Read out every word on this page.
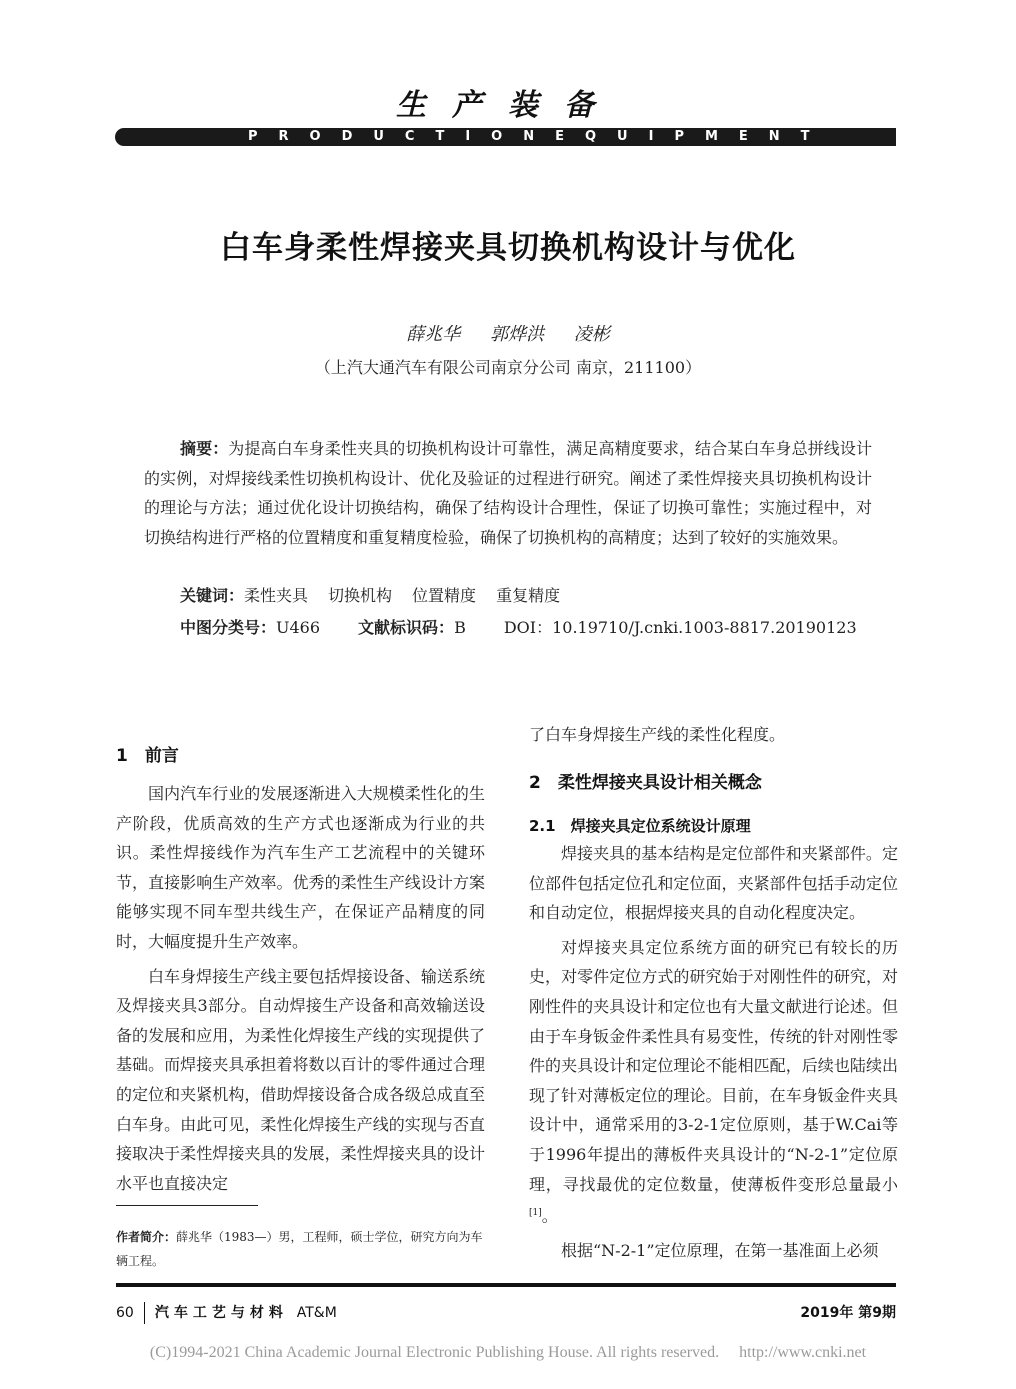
生产装备
PRODUCTION EQUIPMENT
白车身柔性焊接夹具切换机构设计与优化
薛兆华 郭烨洪 凌彬
（上汽大通汽车有限公司南京分公司 南京，211100）
摘要：为提高白车身柔性夹具的切换机构设计可靠性，满足高精度要求，结合某白车身总拼线设计的实例，对焊接线柔性切换机构设计、优化及验证的过程进行研究。阐述了柔性焊接夹具切换机构设计的理论与方法；通过优化设计切换结构，确保了结构设计合理性，保证了切换可靠性；实施过程中，对切换结构进行严格的位置精度和重复精度检验，确保了切换机构的高精度；达到了较好的实施效果。
关键词：柔性夹具 切换机构 位置精度 重复精度
中图分类号：U466 文献标识码：B DOI：10.19710/J.cnki.1003-8817.20190123
1　前言
国内汽车行业的发展逐渐进入大规模柔性化的生产阶段，优质高效的生产方式也逐渐成为行业的共识。柔性焊接线作为汽车生产工艺流程中的关键环节，直接影响生产效率。优秀的柔性生产线设计方案能够实现不同车型共线生产，在保证产品精度的同时，大幅度提升生产效率。
白车身焊接生产线主要包括焊接设备、输送系统及焊接夹具3部分。自动焊接生产设备和高效输送设备的发展和应用，为柔性化焊接生产线的实现提供了基础。而焊接夹具承担着将数以百计的零件通过合理的定位和夹紧机构，借助焊接设备合成各级总成直至白车身。由此可见，柔性化焊接生产线的实现与否直接取决于柔性焊接夹具的发展，柔性焊接夹具的设计水平也直接决定
作者简介：薛兆华（1983—）男，工程师，硕士学位，研究方向为车辆工程。
了白车身焊接生产线的柔性化程度。
2　柔性焊接夹具设计相关概念
2.1　焊接夹具定位系统设计原理
焊接夹具的基本结构是定位部件和夹紧部件。定位部件包括定位孔和定位面，夹紧部件包括手动定位和自动定位，根据焊接夹具的自动化程度决定。
对焊接夹具定位系统方面的研究已有较长的历史，对零件定位方式的研究始于对刚性件的研究，对刚性件的夹具设计和定位也有大量文献进行论述。但由于车身钣金件柔性具有易变性，传统的针对刚性零件的夹具设计和定位理论不能相匹配，后续也陆续出现了针对薄板定位的理论。目前，在车身钣金件夹具设计中，通常采用的3-2-1定位原则，基于W.Cai等于1996年提出的薄板件夹具设计的“N-2-1”定位原理，寻找最优的定位数量，使薄板件变形总量最小[1]。
根据“N-2-1”定位原理，在第一基准面上必须
60 汽车工艺与材料 AT&M	2019年 第9期
(C)1994-2021 China Academic Journal Electronic Publishing House. All rights reserved.　 http://www.cnki.net
